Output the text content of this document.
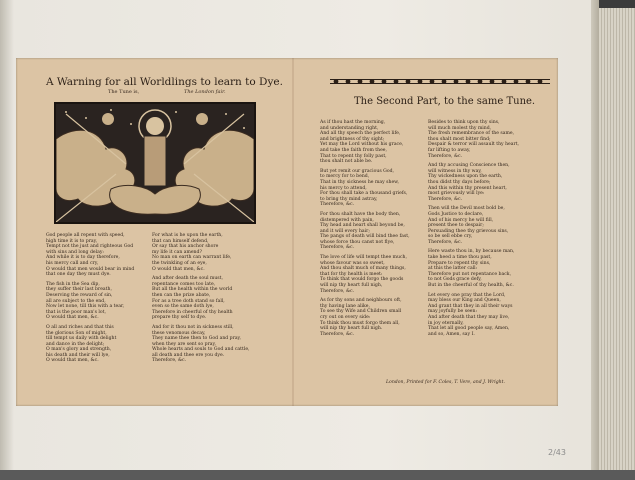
A Warning for all Worldlings to learn to Dye.
The Tune is,	The London fair.
God people all repent with speed,
high time it is to pray,
Tempt not the just and righteous God
with sins and long delay:
And while it is to day therefore,
his mercy call and cry,
O would that men would bear in mind
that one day they must dye.
The fish in the Sea dip,
they suffer their last breath,
Deserving the reward of sin,
all are subject to the end,
Now let none, till this with a tear,
that is the poor man's lot,
O would that men, &c.
O all and riches and that this
the glorious Son of might,
till tempt us daily with delight
and dance in the delight;
O man's glory and strength,
his death and their will lye,
O would that men, &c.
For what is he upon the earth,
that can himself defend,
Or say that his anchor shore
my life it can amend?
No man on earth can warrant life,
the twinkling of an eye,
O would that men, &c.
And after death the soul must,
repentance comes too late,
But all the health within the world
then can the prize abate,
For as a tree doth stand so fall,
even so the same doth lye,
Therefore in cheerful of thy health
prepare thy self to dye.
And for it thou not in sickness still,
these venomous decay,
They name thee then to God and pray,
when they are sent so pray,
Whole hearts and souls to God and cattle,
all death and thee ere you dye.
Therefore, &c.
The Second Part, to the same Tune.
As if thou hast the morning,
and understanding right,
And all thy speech the perfect life,
and brightness of thy sight;
Yet may the Lord without his grace,
and take the faith from thee,
That to repent thy folly past,
thou shalt not able be.
But yet remit our gracious God,
to mercy for to bend,
That in thy sickness he may shew,
his mercy to attend,
For thou shall take a thousand griefs,
to bring thy mind astray,
Therefore, &c.
For thou shalt have the body then,
distempered with pain,
Thy head and heart shall beyond be,
and it will every hair;
The pangs of death will bind thee fast,
whose force thou canst not flye,
Therefore, &c.
The love of life will tempt thee much,
whose favour was so sweet,
And thou shalt much of many things,
that for thy health is meet:
To think that would forgo the goods
will nip thy heart full nigh,
Therefore, &c.
As for thy sons and neighbours oft,
thy having lane alike,
To see thy Wife and Children small
cry out on every side:
To think thou must forgo them all,
will nip thy heart full nigh.
Therefore, &c.
Besides to think upon thy sins,
will much molest thy mind,
The fresh remembrance of the same,
thou shalt most bitter find;
Despair & terror will assault thy heart,
far lifting to away,
Therefore, &c.
And thy accusing Conscience then,
will witness in thy way,
Thy wickedness upon the earth,
thou didst thy days before;
And this within thy present heart,
most grievously will lye:
Therefore, &c.
Then will the Devil most bold be,
Gods Justice to declare,
And of his mercy he will fill,
present thee to despair;
Persuading thee thy grievous sins,
so be sell ebbe cry,
Therefore, &c.
Here waste thou in, by because man,
take heed a time thou past,
Prepare to repent thy sins,
at this the latter call:
Therefore put not repentance back,
to not Gods grace defy,
But in the cheerful of thy health, &c.
Let every one pray that the Lord,
may bless our King and Queen,
And grant that they in all their ways
may joyfully be seen:
And after death that they may live,
in joy eternally,
That let all good people say, Amen,
and so, Amen, say I.
London, Printed for F. Coles, T. Vere, and J. Wright.
2/43
